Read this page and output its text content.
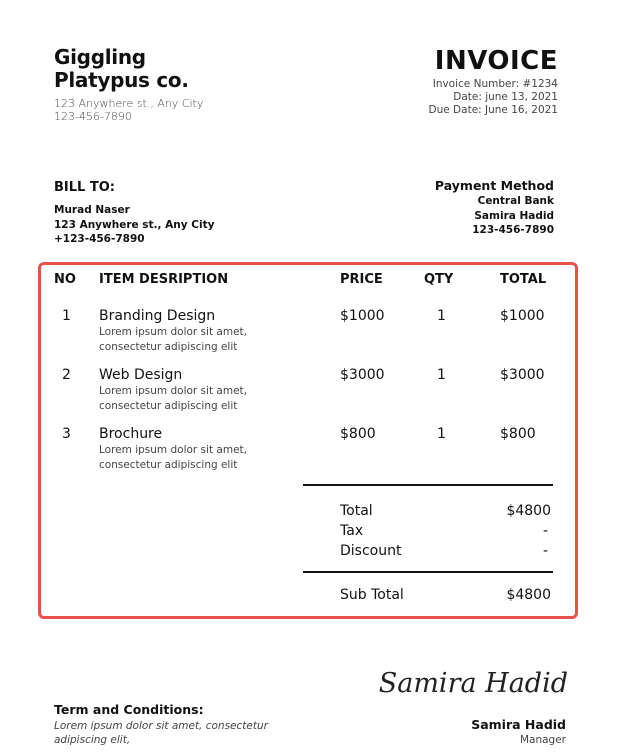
Giggling
Platypus co.
123 Anywhere st., Any City
123-456-7890
INVOICE
Invoice Number: #1234
Date: june 13, 2021
Due Date: June 16, 2021
BILL TO:
Murad Naser
123 Anywhere st., Any City
+123-456-7890
Payment Method
Central Bank
Samira Hadid
123-456-7890
NO ITEM DESRIPTION	PRICE	QTY	TOTAL
1 Branding Design
Lorem ipsum dolor sit amet,
consectetur adipiscing elit
$1000	1	$1000
2 Web Design
Lorem ipsum dolor sit amet,
consectetur adipiscing elit
$3000	1	$3000
3 Brochure
Lorem ipsum dolor sit amet,
consectetur adipiscing elit
$800	1	$800
Total	$4800
Tax	-
Discount	-
Sub Total	$4800
Samira Hadid
Term and Conditions:
Lorem ipsum dolor sit amet, consectetur
adipiscing elit,
Samira Hadid
Manager
